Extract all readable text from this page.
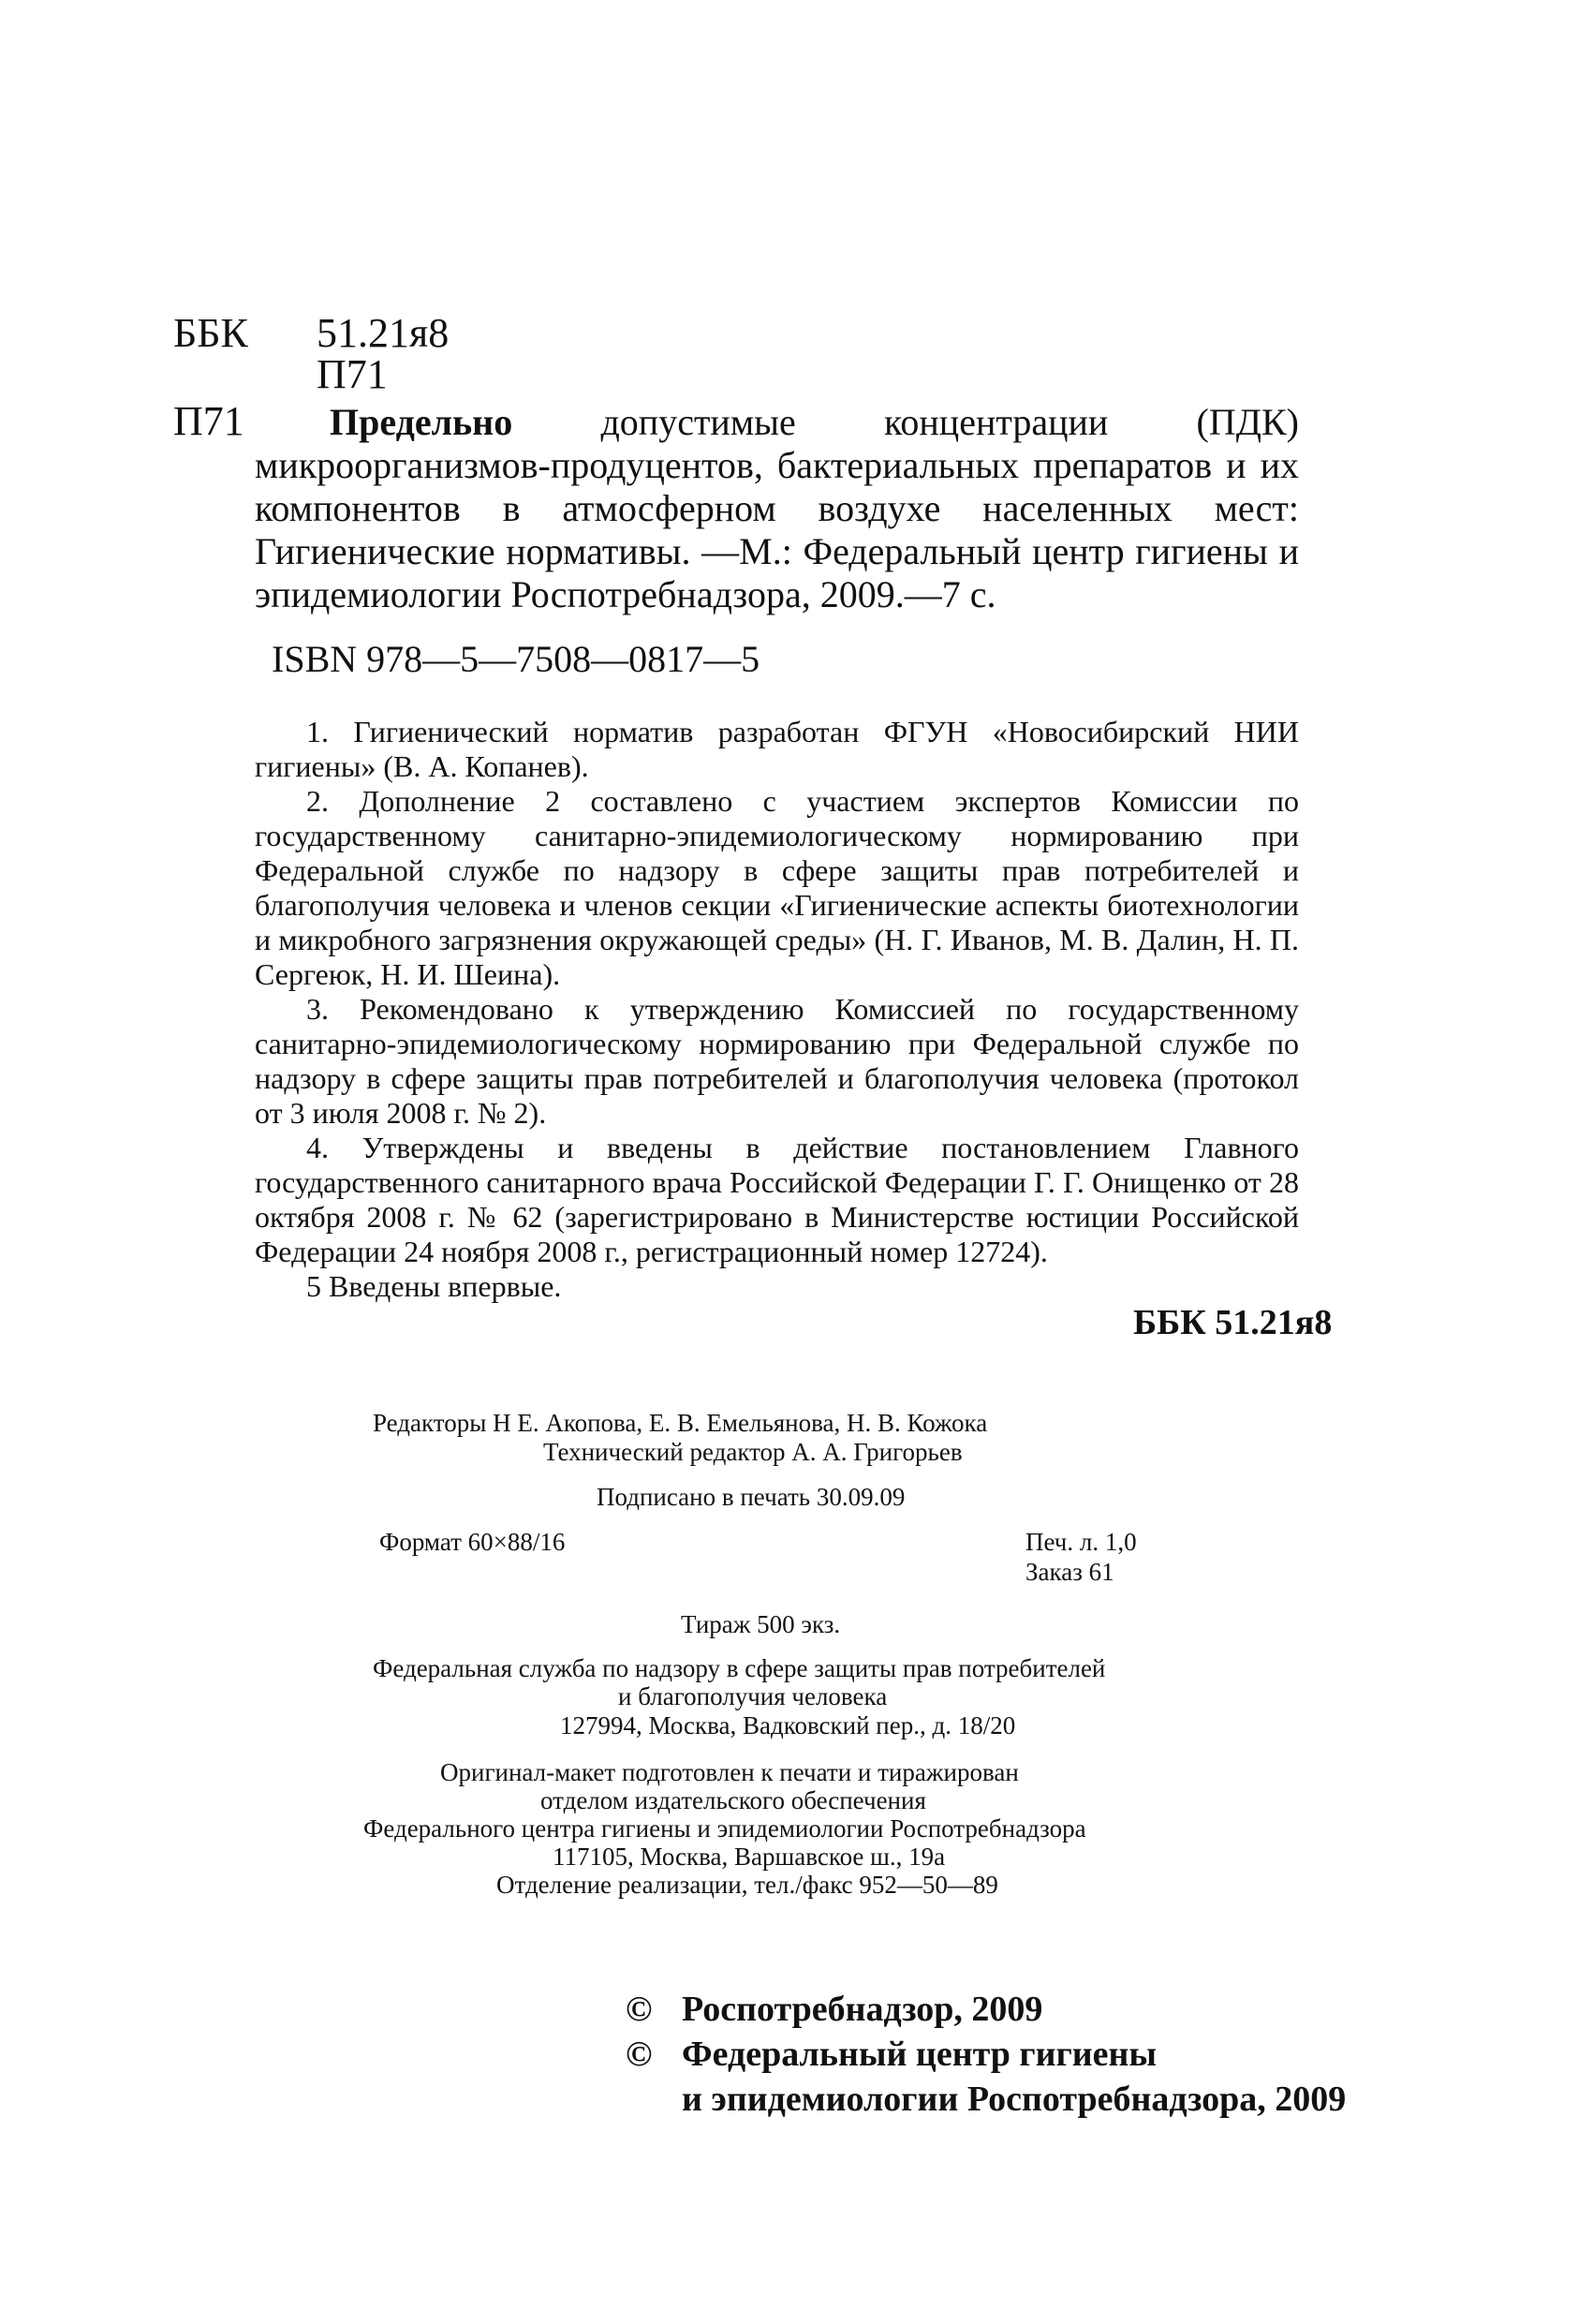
ББК 51.21я8
П71
П71	Предельно допустимые концентрации (ПДК) микроорганизмов-продуцентов, бактериальных препаратов и их компонентов в атмосферном воздухе населенных мест: Гигиенические нормативы. —М.: Федеральный центр гигиены и эпидемиологии Роспотребнадзора, 2009.—7 с.
ISBN 978—5—7508—0817—5

1. Гигиенический норматив разработан ФГУН «Новосибирский НИИ гигиены» (В. А. Копанев).

2. Дополнение 2 составлено с участием экспертов Комиссии по государственному санитарно-эпидемиологическому нормированию при Федеральной службе по надзору в сфере защиты прав потребителей и благополучия человека и членов секции «Гигиенические аспекты биотехнологии и микробного загрязнения окружающей среды» (Н. Г. Иванов, М. В. Далин, Н. П. Сергеюк, Н. И. Шеина).

3. Рекомендовано к утверждению Комиссией по государственному санитарно-эпидемиологическому нормированию при Федеральной службе по надзору в сфере защиты прав потребителей и благополучия человека (протокол от 3 июля 2008 г. № 2).

4. Утверждены и введены в действие постановлением Главного государственного санитарного врача Российской Федерации Г. Г. Онищенко от 28 октября 2008 г. № 62 (зарегистрировано в Министерстве юстиции Российской Федерации 24 ноября 2008 г., регистрационный номер 12724).

5 Введены впервые.

ББК 51.21я8
Редакторы Н Е. Акопова, Е. В. Емельянова, Н. В. Кожока
Технический редактор А. А. Григорьев
Подписано в печать 30.09.09
Формат 60×88/16	Печ. л. 1,0
Заказ 61
Тираж 500 экз.
Федеральная служба по надзору в сфере защиты прав потребителей
и благополучия человека
127994, Москва, Вадковский пер., д. 18/20
Оригинал-макет подготовлен к печати и тиражирован
отделом издательского обеспечения
Федерального центра гигиены и эпидемиологии Роспотребнадзора
117105, Москва, Варшавское ш., 19а
Отделение реализации, тел./факс 952—50—89
© Роспотребнадзор, 2009
© Федеральный центр гигиены
и эпидемиологии Роспотребнадзора, 2009
